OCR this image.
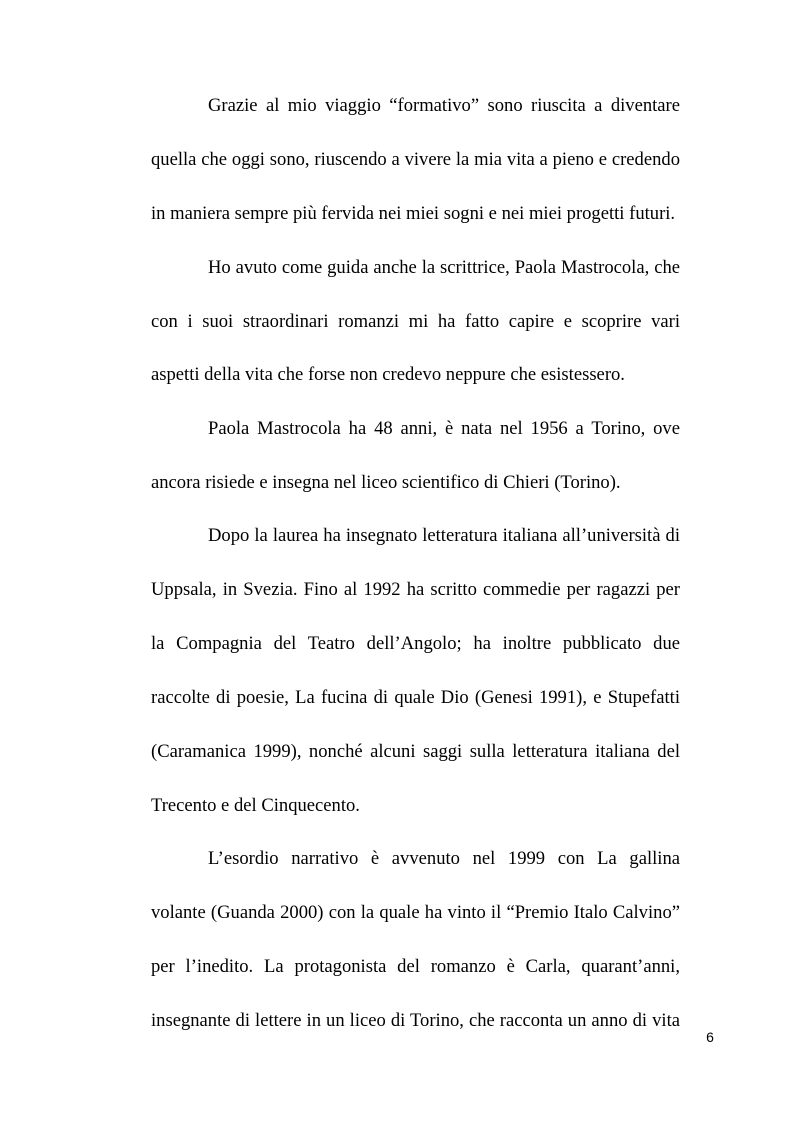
Grazie al mio viaggio “formativo” sono riuscita a diventare
quella che oggi sono, riuscendo a vivere la mia vita a pieno e credendo
in maniera sempre più fervida nei miei sogni e nei miei progetti futuri.
Ho avuto come guida anche la scrittrice, Paola Mastrocola, che
con i suoi straordinari romanzi mi ha fatto capire e scoprire vari
aspetti della vita che forse non credevo neppure che esistessero.
Paola Mastrocola ha 48 anni, è nata nel 1956 a Torino, ove
ancora risiede e insegna nel liceo scientifico di Chieri (Torino).
Dopo la laurea ha insegnato letteratura italiana all’università di
Uppsala, in Svezia. Fino al 1992 ha scritto commedie per ragazzi per
la Compagnia del Teatro dell’Angolo; ha inoltre pubblicato due
raccolte di poesie, La fucina di quale Dio (Genesi 1991), e Stupefatti
(Caramanica 1999), nonché alcuni saggi sulla letteratura italiana del
Trecento e del Cinquecento.
L’esordio narrativo è avvenuto nel 1999 con La gallina
volante (Guanda 2000) con la quale ha vinto il “Premio Italo Calvino”
per l’inedito. La protagonista del romanzo è Carla, quarant’anni,
insegnante di lettere in un liceo di Torino, che racconta un anno di vita
6
